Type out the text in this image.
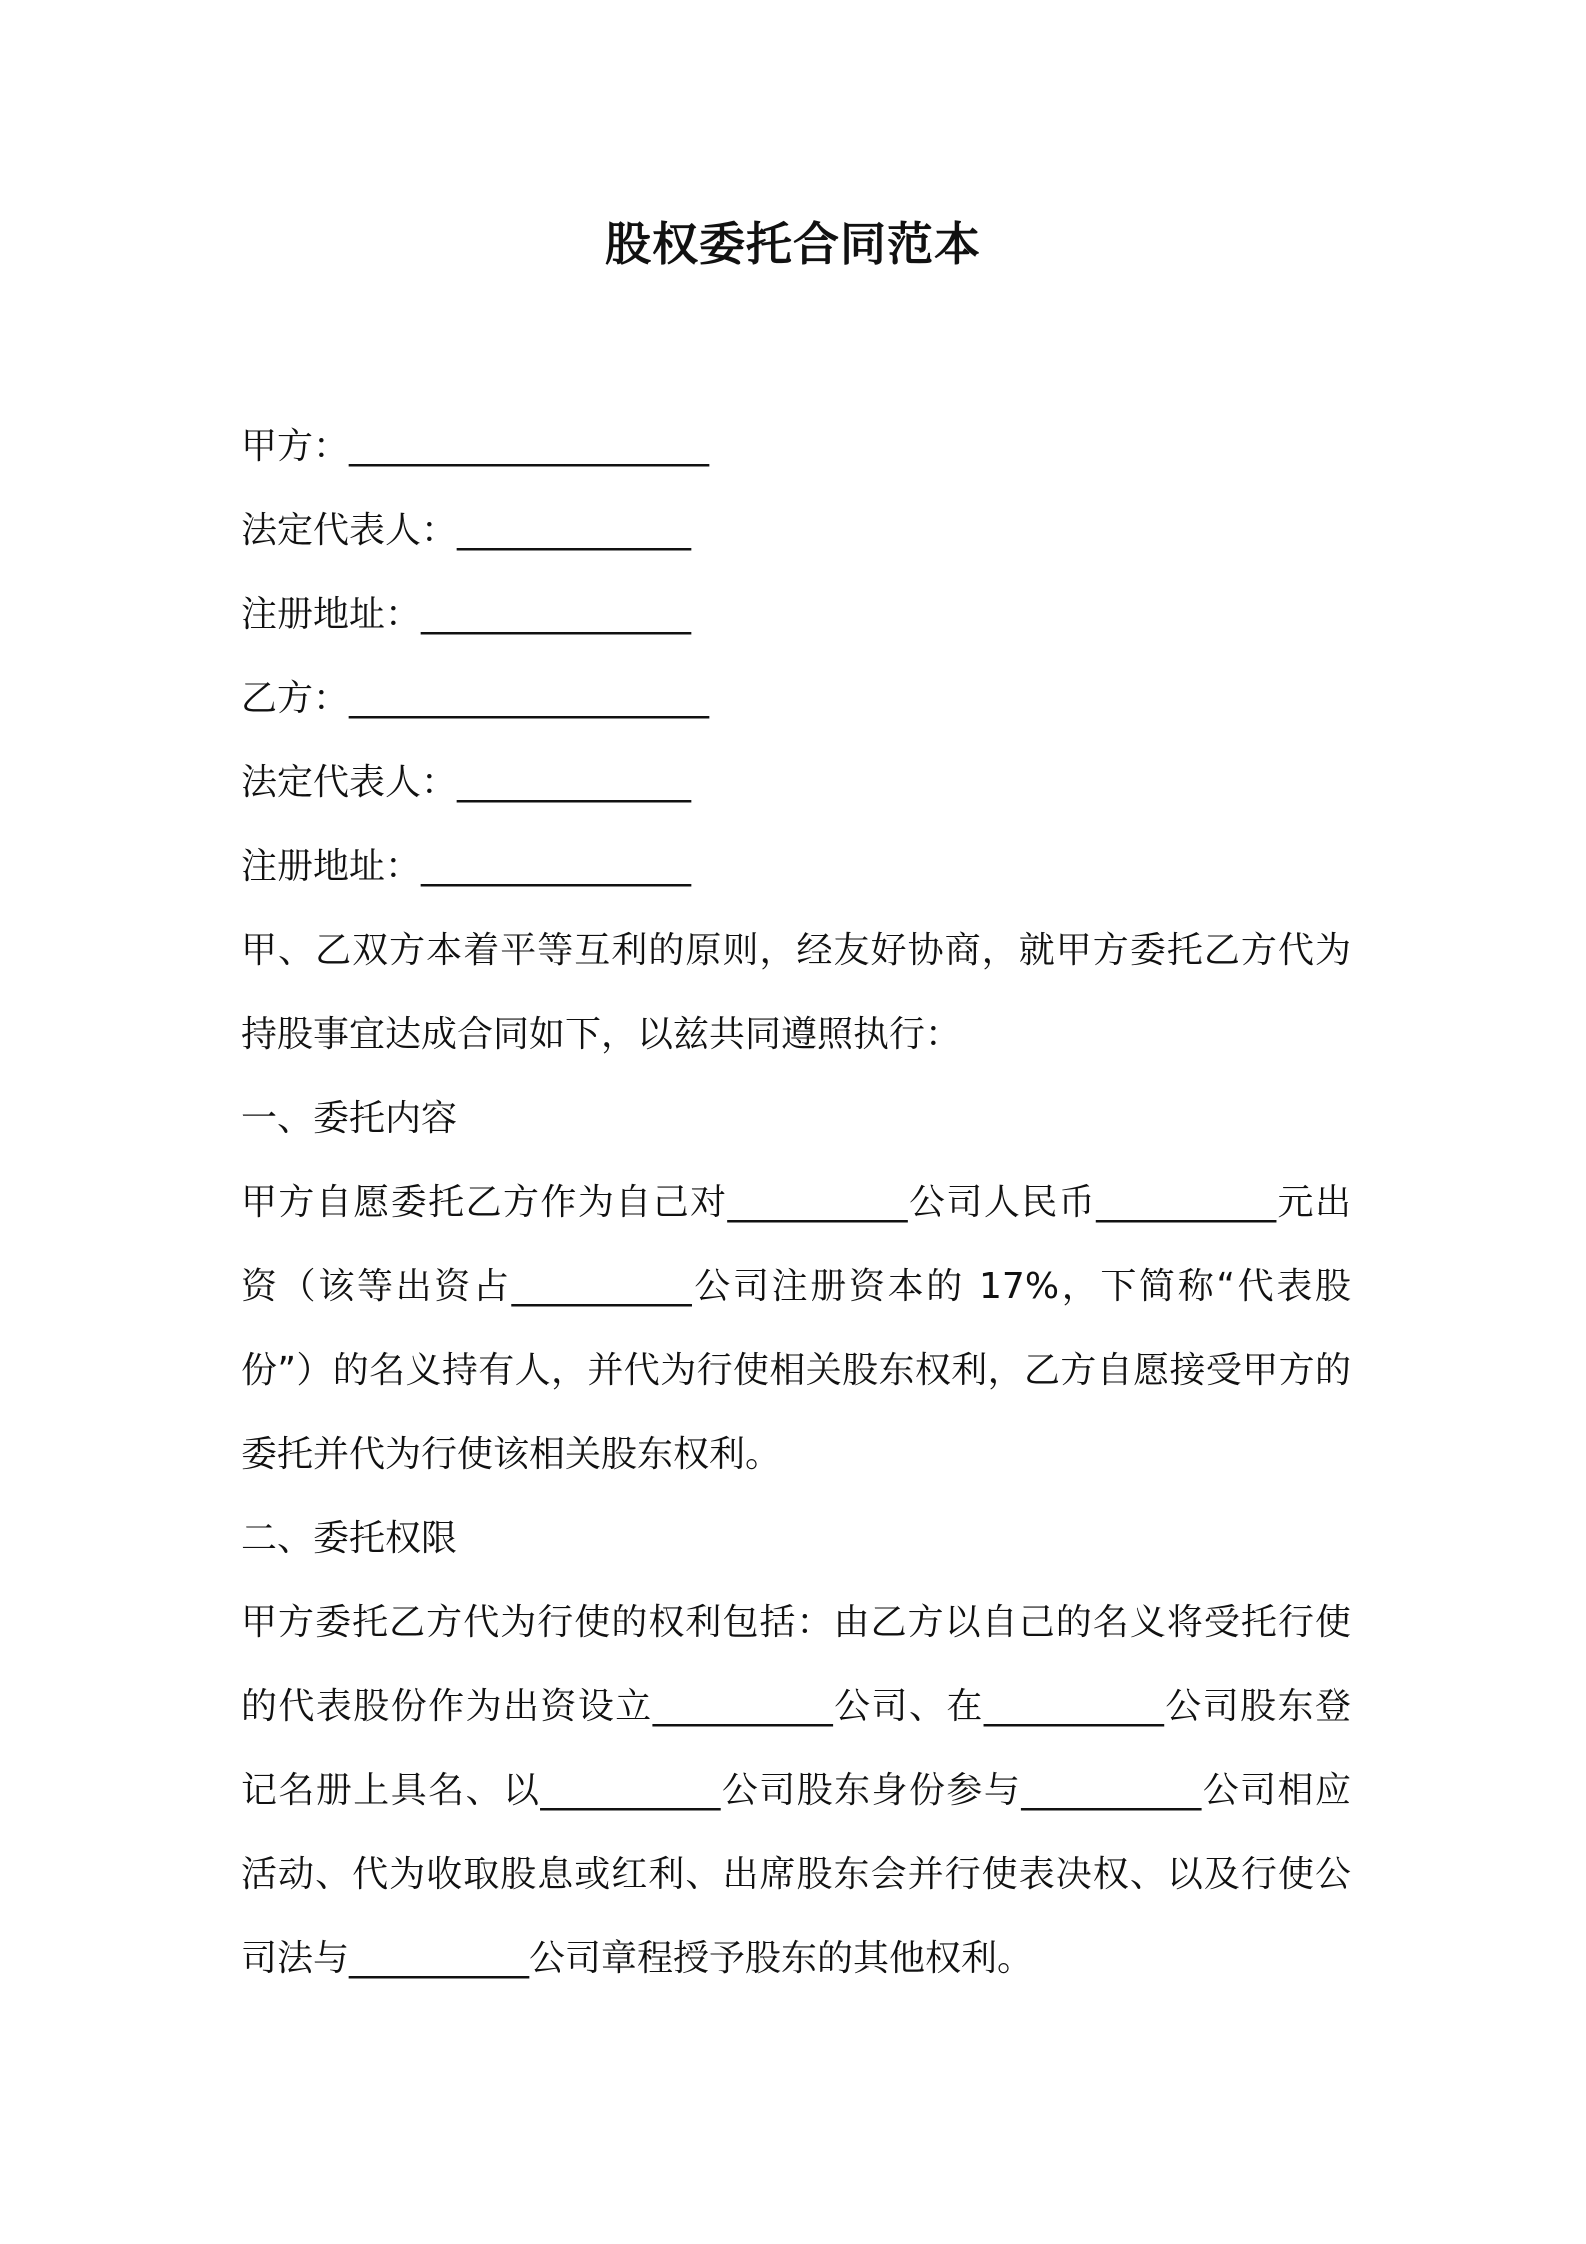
股权委托合同范本
甲方：____________________
法定代表人：_____________
注册地址：_______________
乙方：____________________
法定代表人：_____________
注册地址：_______________
甲、乙双方本着平等互利的原则，经友好协商，就甲方委托乙方代为持股事宜达成合同如下，以兹共同遵照执行：
一、委托内容
甲方自愿委托乙方作为自己对__________公司人民币__________元出资（该等出资占__________公司注册资本的 17%，下简称“代表股份”）的名义持有人，并代为行使相关股东权利，乙方自愿接受甲方的委托并代为行使该相关股东权利。
二、委托权限
甲方委托乙方代为行使的权利包括：由乙方以自己的名义将受托行使的代表股份作为出资设立__________公司、在__________公司股东登记名册上具名、以__________公司股东身份参与__________公司相应活动、代为收取股息或红利、出席股东会并行使表决权、以及行使公司法与__________公司章程授予股东的其他权利。
